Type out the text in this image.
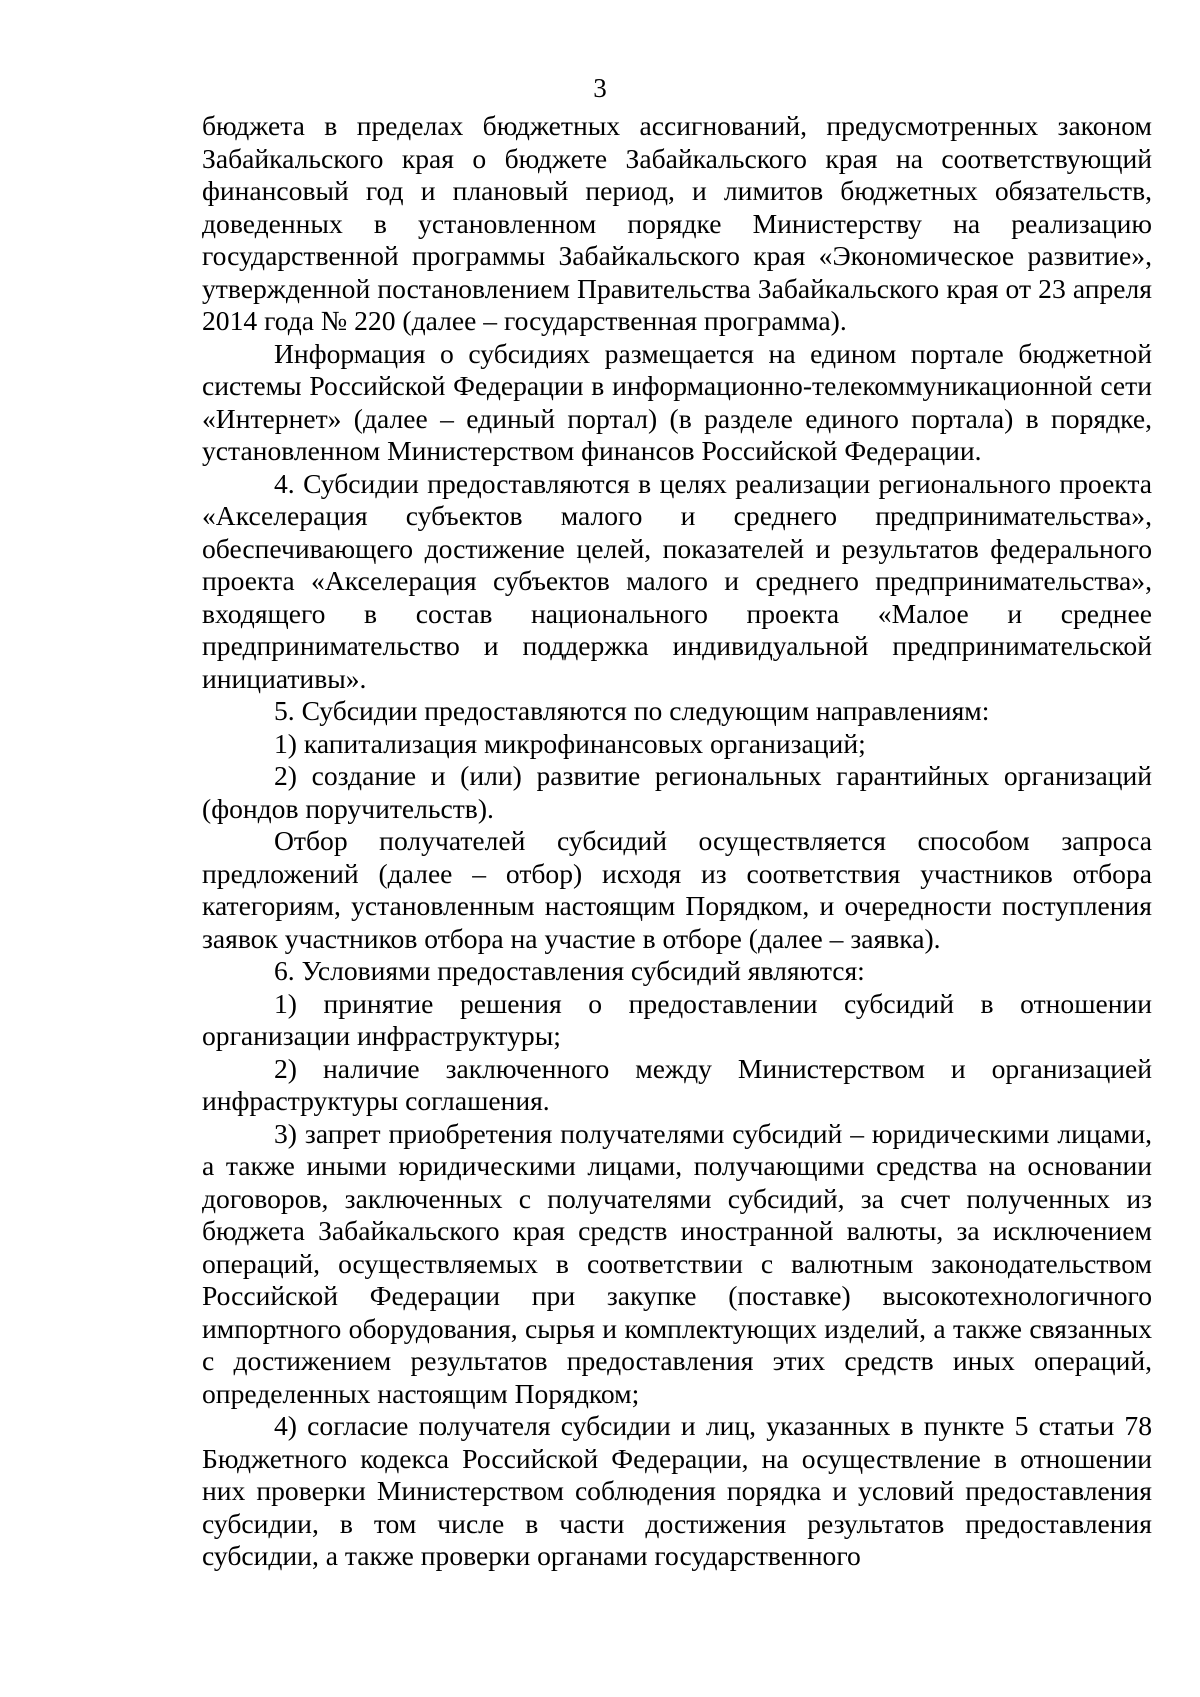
3

бюджета в пределах бюджетных ассигнований, предусмотренных законом Забайкальского края о бюджете Забайкальского края на соответствующий финансовый год и плановый период, и лимитов бюджетных обязательств, доведенных в установленном порядке Министерству на реализацию государственной программы Забайкальского края «Экономическое развитие», утвержденной постановлением Правительства Забайкальского края от 23 апреля 2014 года № 220 (далее – государственная программа).

Информация о субсидиях размещается на едином портале бюджетной системы Российской Федерации в информационно-телекоммуникационной сети «Интернет» (далее – единый портал) (в разделе единого портала) в порядке, установленном Министерством финансов Российской Федерации.

4. Субсидии предоставляются в целях реализации регионального проекта «Акселерация субъектов малого и среднего предпринимательства», обеспечивающего достижение целей, показателей и результатов федерального проекта «Акселерация субъектов малого и среднего предпринимательства», входящего в состав национального проекта «Малое и среднее предпринимательство и поддержка индивидуальной предпринимательской инициативы».

5. Субсидии предоставляются по следующим направлениям:

1) капитализация микрофинансовых организаций;

2) создание и (или) развитие региональных гарантийных организаций (фондов поручительств).

Отбор получателей субсидий осуществляется способом запроса предложений (далее – отбор) исходя из соответствия участников отбора категориям, установленным настоящим Порядком, и очередности поступления заявок участников отбора на участие в отборе (далее – заявка).

6. Условиями предоставления субсидий являются:

1) принятие решения о предоставлении субсидий в отношении организации инфраструктуры;

2) наличие заключенного между Министерством и организацией инфраструктуры соглашения.

3) запрет приобретения получателями субсидий – юридическими лицами, а также иными юридическими лицами, получающими средства на основании договоров, заключенных с получателями субсидий, за счет полученных из бюджета Забайкальского края средств иностранной валюты, за исключением операций, осуществляемых в соответствии с валютным законодательством Российской Федерации при закупке (поставке) высокотехнологичного импортного оборудования, сырья и комплектующих изделий, а также связанных с достижением результатов предоставления этих средств иных операций, определенных настоящим Порядком;

4) согласие получателя субсидии и лиц, указанных в пункте 5 статьи 78 Бюджетного кодекса Российской Федерации, на осуществление в отношении них проверки Министерством соблюдения порядка и условий предоставления субсидии, в том числе в части достижения результатов предоставления субсидии, а также проверки органами государственного
